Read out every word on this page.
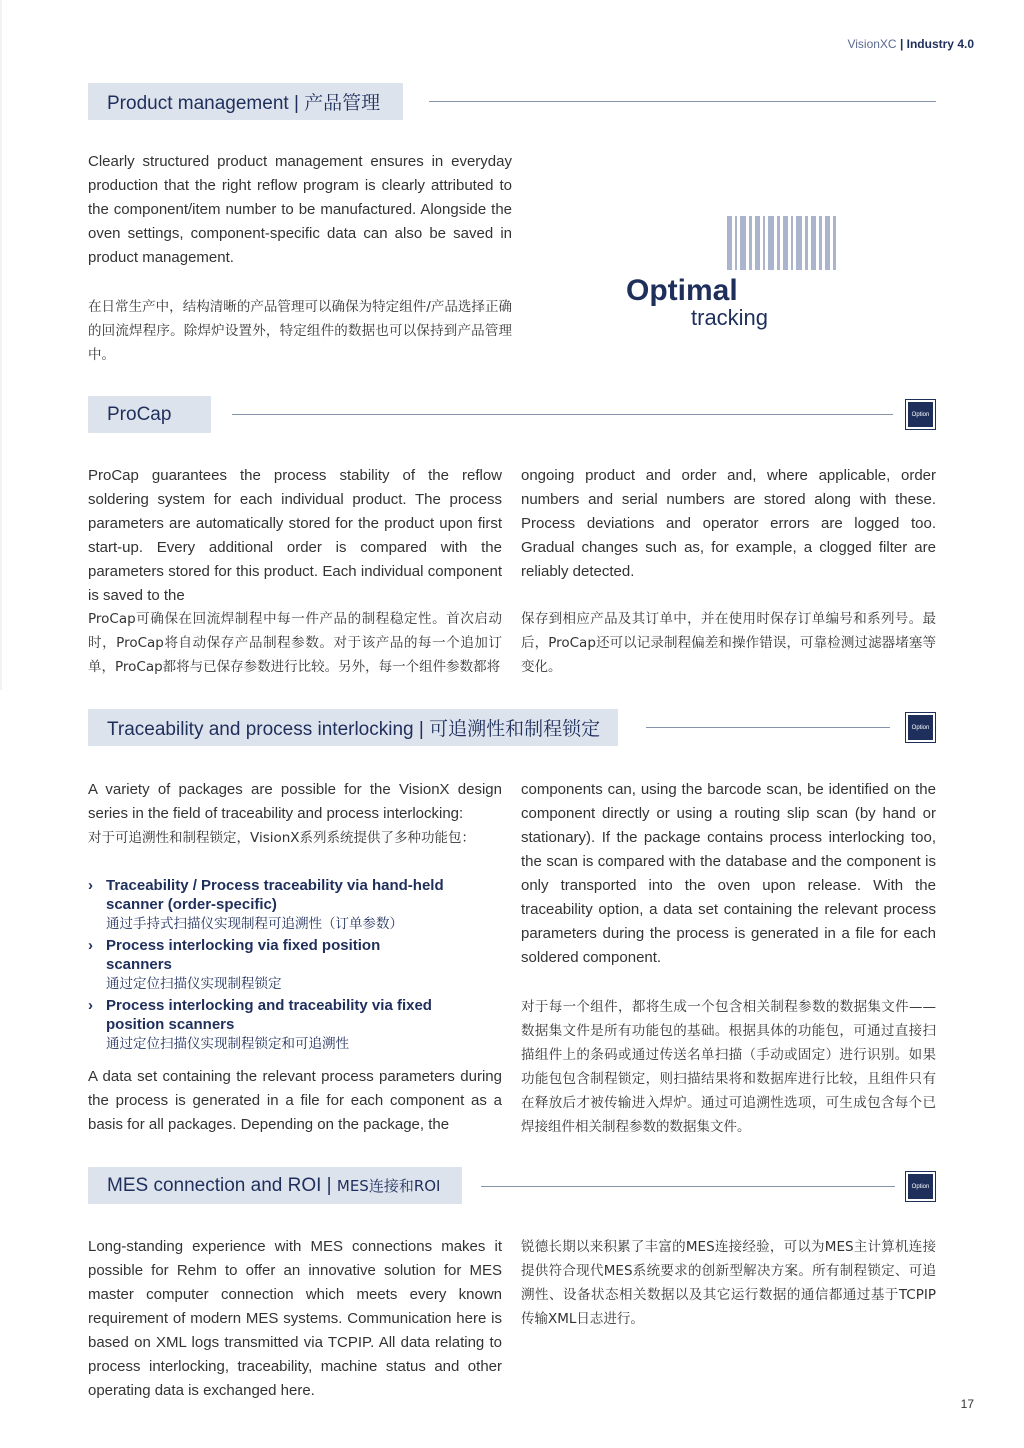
VisionXC | Industry 4.0
Product management | 产品管理
Clearly structured product management ensures in everyday production that the right reflow program is clearly attributed to the component/item number to be manufactured. Alongside the oven settings, component-specific data can also be saved in product management.
在日常生产中，结构清晰的产品管理可以确保为特定组件/产品选择正确的回流焊程序。除焊炉设置外，特定组件的数据也可以保持到产品管理中。
Optimal
tracking
ProCap	Option
ProCap guarantees the process stability of the reflow soldering system for each individual product. The process parameters are automatically stored for the product upon first start-up. Every additional order is compared with the parameters stored for this product. Each individual component is saved to the
ongoing product and order and, where applicable, order numbers and serial numbers are stored along with these. Process deviations and operator errors are logged too. Gradual changes such as, for example, a clogged filter are reliably detected.
ProCap可确保在回流焊制程中每一件产品的制程稳定性。首次启动时，ProCap将自动保存产品制程参数。对于该产品的每一个追加订单，ProCap都将与已保存参数进行比较。另外，每一个组件参数都将
保存到相应产品及其订单中，并在使用时保存订单编号和系列号。最后，ProCap还可以记录制程偏差和操作错误，可靠检测过滤器堵塞等变化。
Traceability and process interlocking | 可追溯性和制程锁定	Option
A variety of packages are possible for the VisionX design series in the field of traceability and process interlocking:
对于可追溯性和制程锁定，VisionX系列系统提供了多种功能包：
› Traceability / Process traceability via hand-held scanner (order-specific)
通过手持式扫描仪实现制程可追溯性（订单参数）
› Process interlocking via fixed position scanners
通过定位扫描仪实现制程锁定
› Process interlocking and traceability via fixed position scanners
通过定位扫描仪实现制程锁定和可追溯性
A data set containing the relevant process parameters during the process is generated in a file for each component as a basis for all packages. Depending on the package, the
components can, using the barcode scan, be identified on the component directly or using a routing slip scan (by hand or stationary). If the package contains process interlocking too, the scan is compared with the database and the component is only transported into the oven upon release. With the traceability option, a data set containing the relevant process parameters during the process is generated in a file for each soldered component.
对于每一个组件，都将生成一个包含相关制程参数的数据集文件——数据集文件是所有功能包的基础。根据具体的功能包，可通过直接扫描组件上的条码或通过传送名单扫描（手动或固定）进行识别。如果功能包包含制程锁定，则扫描结果将和数据库进行比较，且组件只有在释放后才被传输进入焊炉。通过可追溯性选项，可生成包含每个已焊接组件相关制程参数的数据集文件。
MES connection and ROI | MES连接和ROI	Option
Long-standing experience with MES connections makes it possible for Rehm to offer an innovative solution for MES master computer connection which meets every known requirement of modern MES systems. Communication here is based on XML logs transmitted via TCPIP. All data relating to process interlocking, traceability, machine status and other operating data is exchanged here.
锐德长期以来积累了丰富的MES连接经验，可以为MES主计算机连接提供符合现代MES系统要求的创新型解决方案。所有制程锁定、可追溯性、设备状态相关数据以及其它运行数据的通信都通过基于TCPIP传输XML日志进行。
17
